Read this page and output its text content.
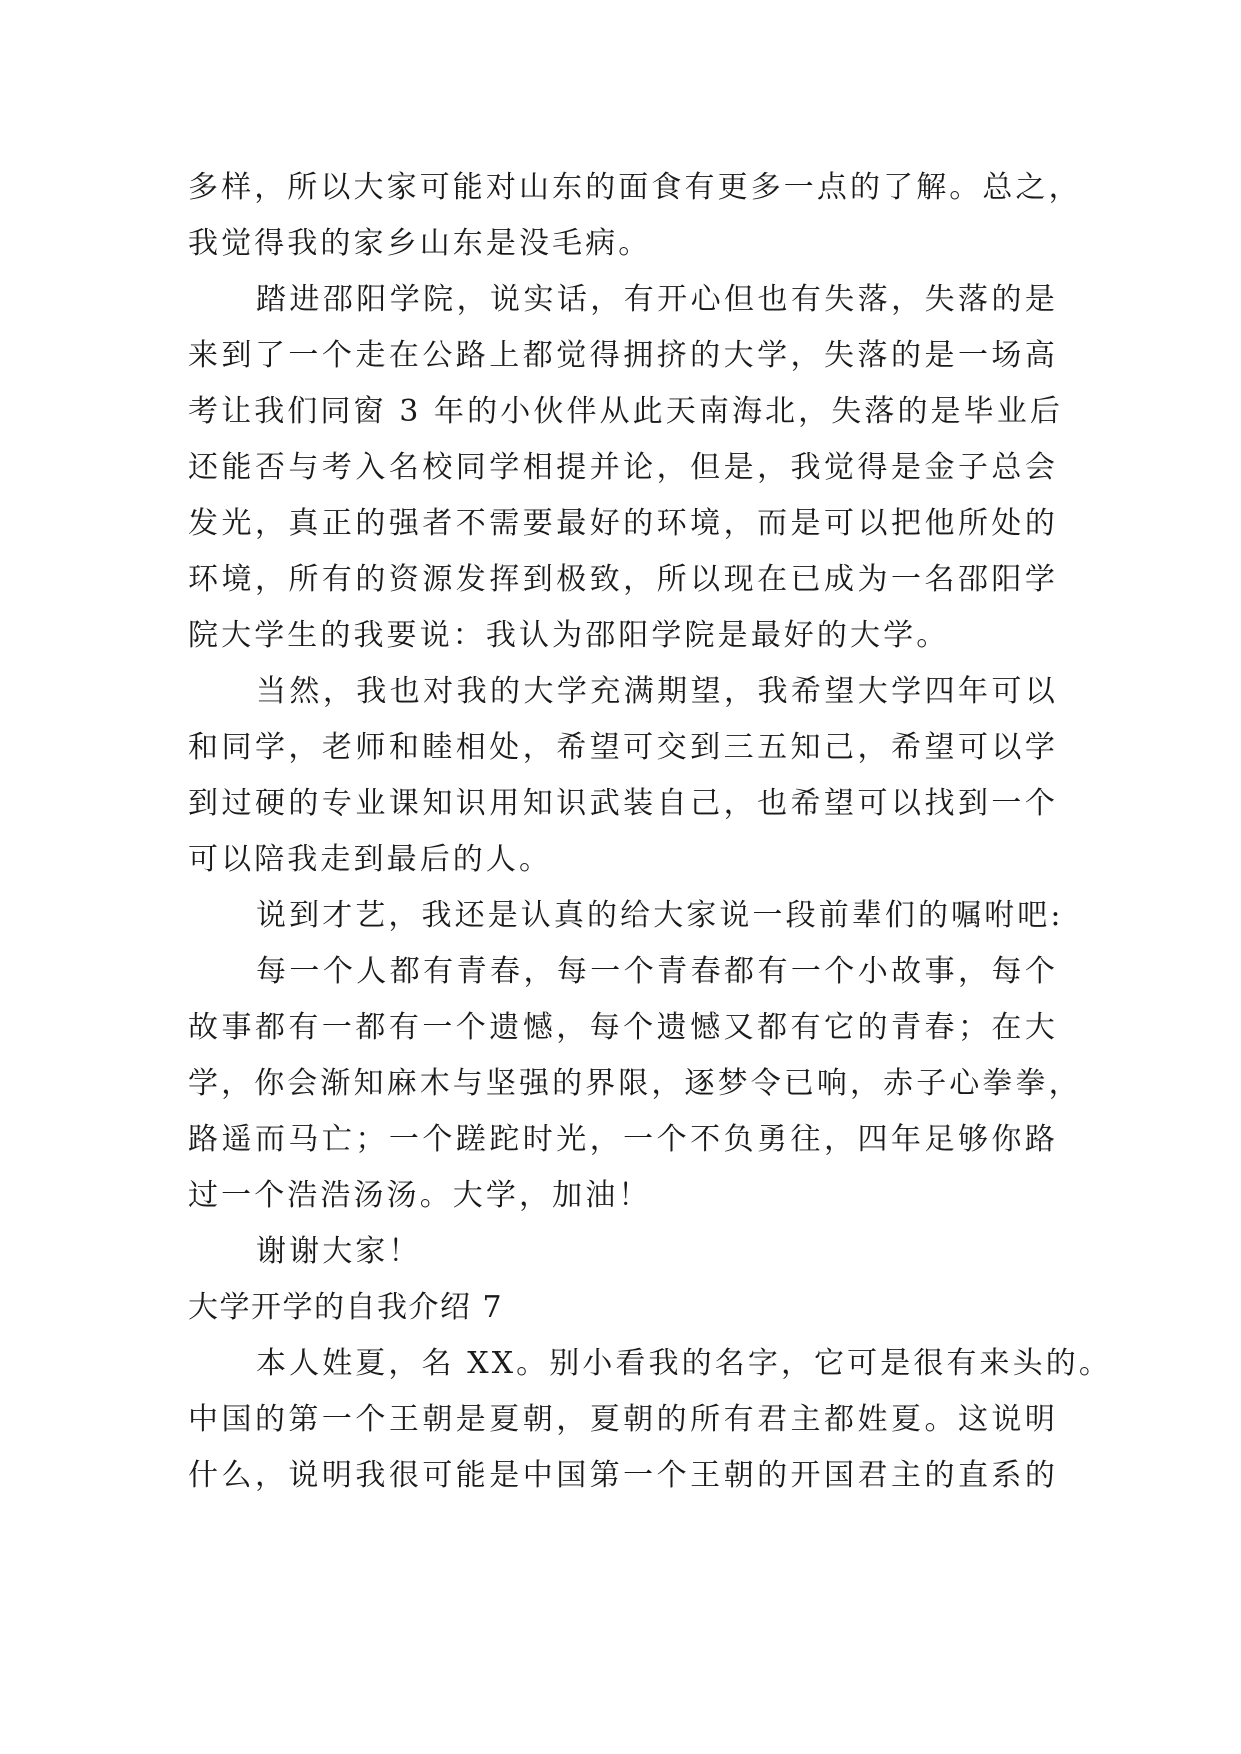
多样，所以大家可能对山东的面食有更多一点的了解。总之，
我觉得我的家乡山东是没毛病。
踏进邵阳学院，说实话，有开心但也有失落，失落的是
来到了一个走在公路上都觉得拥挤的大学，失落的是一场高
考让我们同窗 3 年的小伙伴从此天南海北，失落的是毕业后
还能否与考入名校同学相提并论，但是，我觉得是金子总会
发光，真正的强者不需要最好的环境，而是可以把他所处的
环境，所有的资源发挥到极致，所以现在已成为一名邵阳学
院大学生的我要说：我认为邵阳学院是最好的大学。
当然，我也对我的大学充满期望，我希望大学四年可以
和同学，老师和睦相处，希望可交到三五知己，希望可以学
到过硬的专业课知识用知识武装自己，也希望可以找到一个
可以陪我走到最后的人。
说到才艺，我还是认真的给大家说一段前辈们的嘱咐吧:
每一个人都有青春，每一个青春都有一个小故事，每个
故事都有一都有一个遗憾，每个遗憾又都有它的青春；在大
学，你会渐知麻木与坚强的界限，逐梦令已响，赤子心拳拳，
路遥而马亡；一个蹉跎时光，一个不负勇往，四年足够你路
过一个浩浩汤汤。大学，加油！
谢谢大家！
大学开学的自我介绍 7
本人姓夏，名 XX。别小看我的名字，它可是很有来头的。
中国的第一个王朝是夏朝，夏朝的所有君主都姓夏。这说明
什么，说明我很可能是中国第一个王朝的开国君主的直系的
